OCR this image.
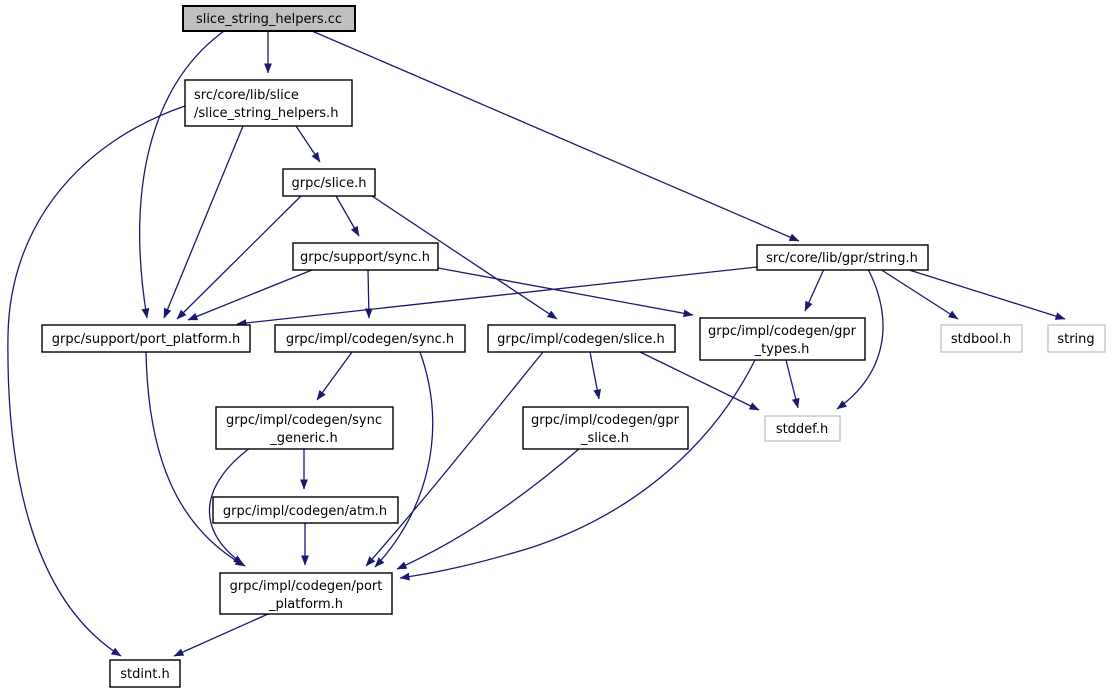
slice_string_helpers.cc
src/core/lib/slice
/slice_string_helpers.h
grpc/slice.h
grpc/support/sync.h	src/core/lib/gpr/string.h
grpc/support/port_platform.h	grpc/impl/codegen/sync.h	grpc/impl/codegen/slice.h
grpc/impl/codegen/gpr
_types.h
stdbool.h	string
grpc/impl/codegen/sync
_generic.h
grpc/impl/codegen/gpr
_slice.h
stddef.h
grpc/impl/codegen/atm.h
grpc/impl/codegen/port
_platform.h
stdint.h
